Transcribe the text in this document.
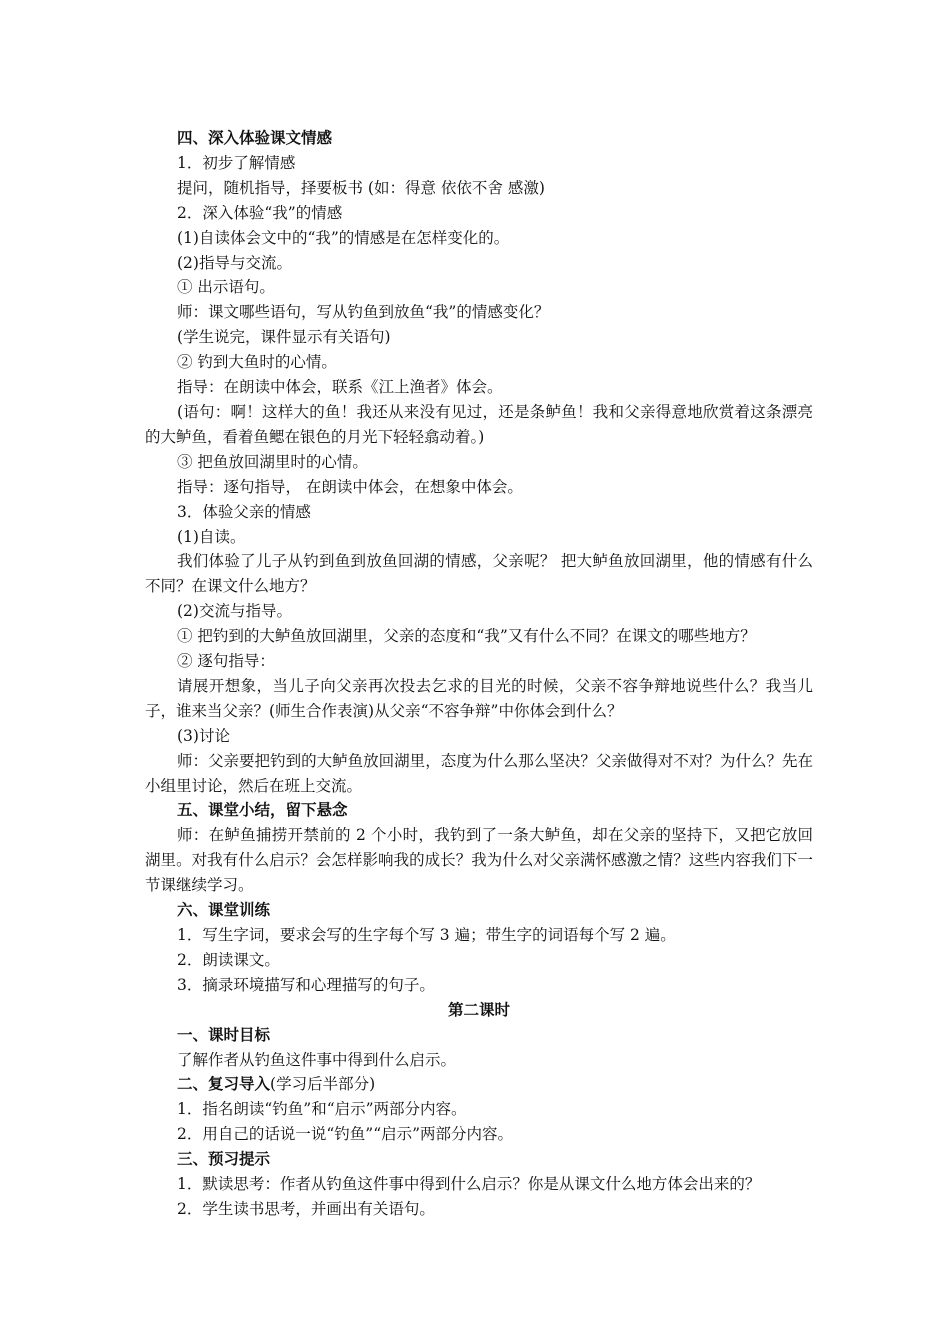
四、深入体验课文情感

1．初步了解情感

提问，随机指导，择要板书 (如：得意 依依不舍 感激)

2．深入体验“我”的情感

(1)自读体会文中的“我”的情感是在怎样变化的。

(2)指导与交流。

① 出示语句。

师：课文哪些语句，写从钓鱼到放鱼“我”的情感变化？

(学生说完，课件显示有关语句)

② 钓到大鱼时的心情。

指导：在朗读中体会，联系《江上渔者》体会。

(语句：啊！这样大的鱼！我还从来没有见过，还是条鲈鱼！我和父亲得意地欣赏着这条漂亮的大鲈鱼，看着鱼鳃在银色的月光下轻轻翕动着。)

③ 把鱼放回湖里时的心情。

指导：逐句指导， 在朗读中体会，在想象中体会。

3．体验父亲的情感

(1)自读。

我们体验了儿子从钓到鱼到放鱼回湖的情感，父亲呢？ 把大鲈鱼放回湖里，他的情感有什么不同？在课文什么地方？

(2)交流与指导。

① 把钓到的大鲈鱼放回湖里，父亲的态度和“我”又有什么不同？在课文的哪些地方？

② 逐句指导：

请展开想象，当儿子向父亲再次投去乞求的目光的时候，父亲不容争辩地说些什么？我当儿子，谁来当父亲？(师生合作表演)从父亲“不容争辩”中你体会到什么？

(3)讨论

师：父亲要把钓到的大鲈鱼放回湖里，态度为什么那么坚决？父亲做得对不对？为什么？先在小组里讨论，然后在班上交流。

五、课堂小结，留下悬念

师：在鲈鱼捕捞开禁前的 2 个小时，我钓到了一条大鲈鱼，却在父亲的坚持下，又把它放回湖里。对我有什么启示？会怎样影响我的成长？我为什么对父亲满怀感激之情？这些内容我们下一节课继续学习。

六、课堂训练

1．写生字词，要求会写的生字每个写 3 遍；带生字的词语每个写 2 遍。

2．朗读课文。

3．摘录环境描写和心理描写的句子。

第二课时

一、课时目标

了解作者从钓鱼这件事中得到什么启示。

二、复习导入(学习后半部分)

1．指名朗读“钓鱼”和“启示”两部分内容。

2．用自己的话说一说“钓鱼”“启示”两部分内容。

三、预习提示

1．默读思考：作者从钓鱼这件事中得到什么启示？你是从课文什么地方体会出来的？

2．学生读书思考，并画出有关语句。
